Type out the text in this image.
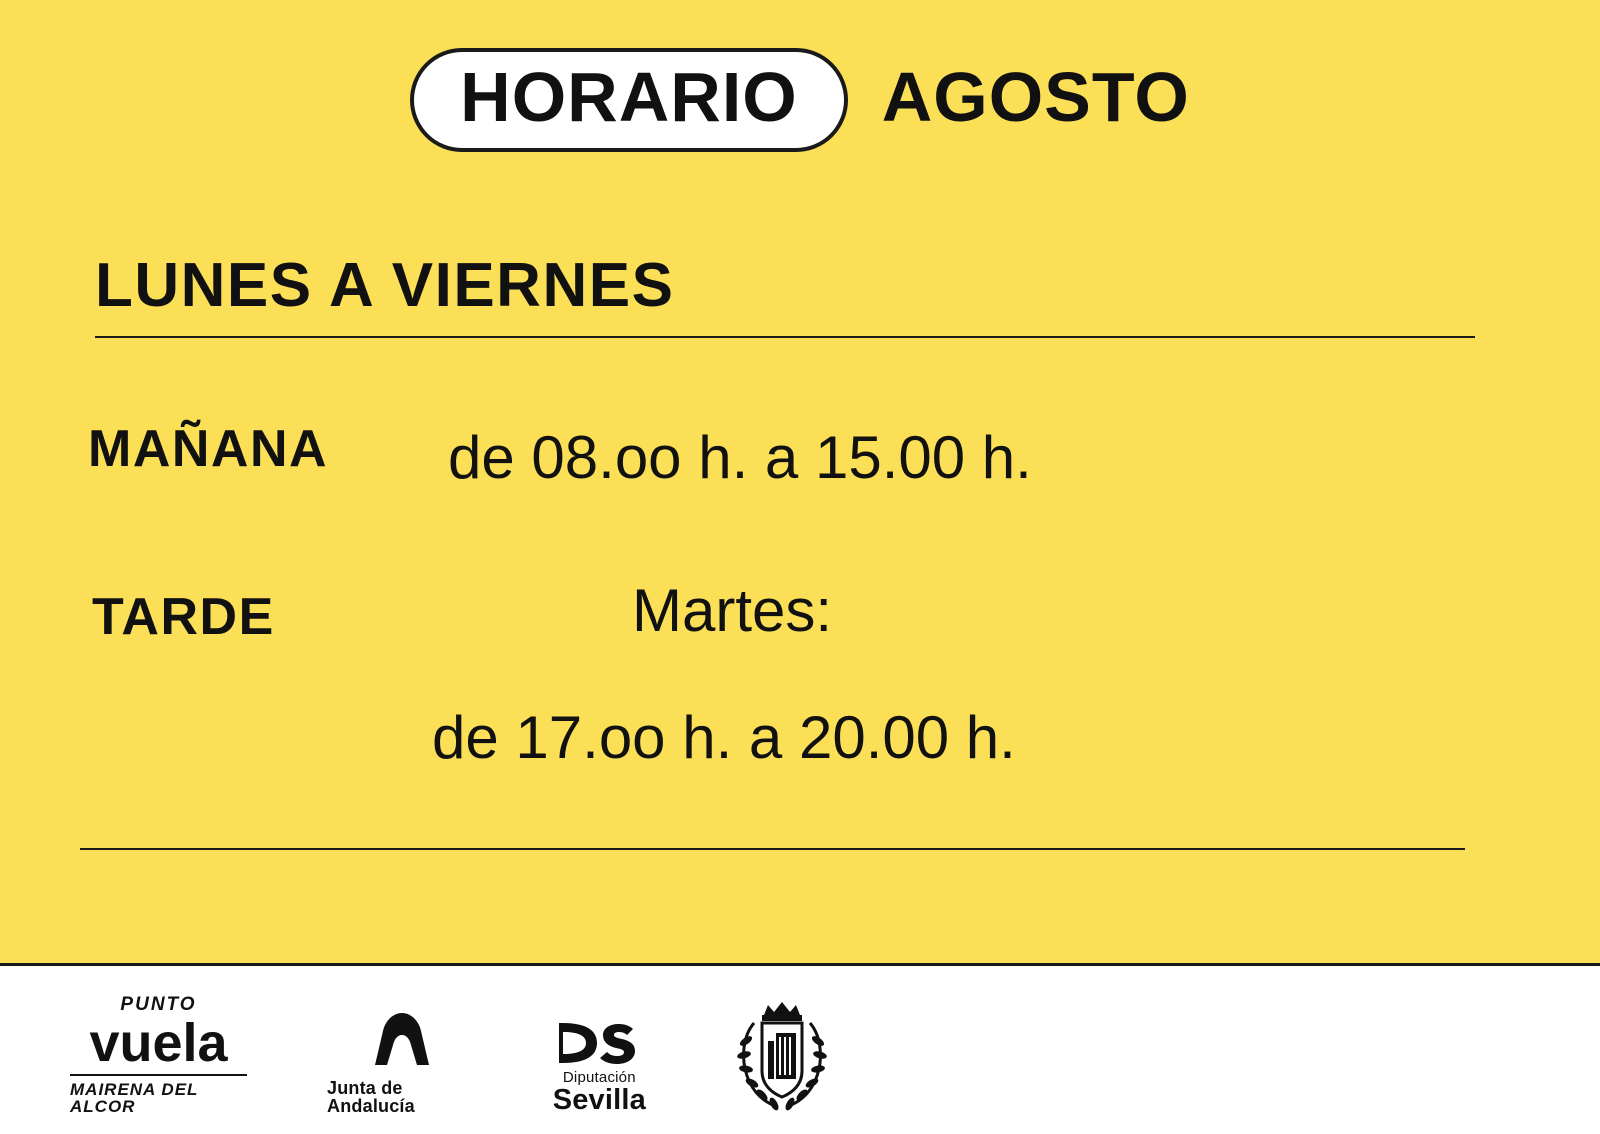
HORARIO AGOSTO
LUNES A VIERNES
MAÑANA	de 08.oo h. a 15.00 h.
TARDE	Martes:
de 17.oo h. a 20.00 h.
PUNTO
vuela
MAIRENA DEL ALCOR
Junta de Andalucía
Diputación
Sevilla
